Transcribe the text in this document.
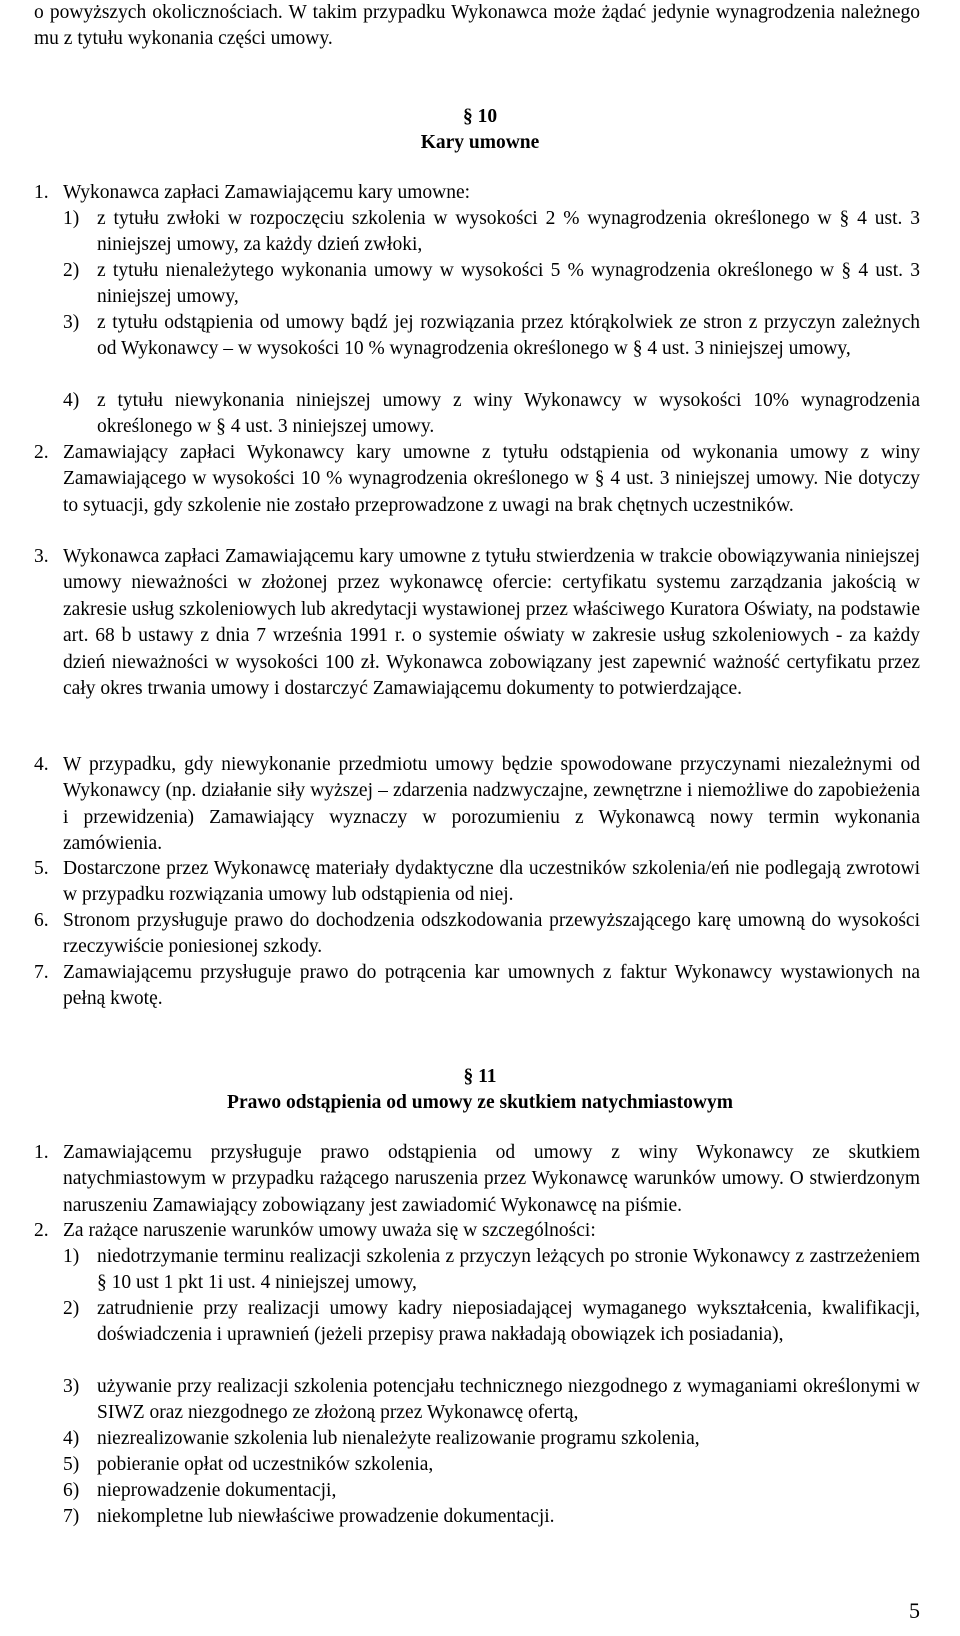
o powyższych okolicznościach. W takim przypadku Wykonawca może żądać jedynie wynagrodzenia należnego mu z tytułu wykonania części umowy.
§ 10
Kary umowne
1. Wykonawca zapłaci Zamawiającemu kary umowne:
1) z tytułu zwłoki w rozpoczęciu szkolenia w wysokości 2 % wynagrodzenia określonego w § 4 ust. 3 niniejszej umowy, za każdy dzień zwłoki,
2) z tytułu nienależytego wykonania umowy w wysokości 5 % wynagrodzenia określonego w § 4 ust. 3 niniejszej umowy,
3) z tytułu odstąpienia od umowy bądź jej rozwiązania przez którąkolwiek ze stron z przyczyn zależnych od Wykonawcy – w wysokości 10 % wynagrodzenia określonego w § 4 ust. 3 niniejszej umowy,
4) z tytułu niewykonania niniejszej umowy z winy Wykonawcy w wysokości 10% wynagrodzenia określonego w § 4 ust. 3 niniejszej umowy.
2. Zamawiający zapłaci Wykonawcy kary umowne z tytułu odstąpienia od wykonania umowy z winy Zamawiającego w wysokości 10 % wynagrodzenia określonego w § 4 ust. 3 niniejszej umowy. Nie dotyczy to sytuacji, gdy szkolenie nie zostało przeprowadzone z uwagi na brak chętnych uczestników.
3. Wykonawca zapłaci Zamawiającemu kary umowne z tytułu stwierdzenia w trakcie obowiązywania niniejszej umowy nieważności w złożonej przez wykonawcę ofercie: certyfikatu systemu zarządzania jakością w zakresie usług szkoleniowych lub akredytacji wystawionej przez właściwego Kuratora Oświaty, na podstawie art. 68 b ustawy z dnia 7 września 1991 r. o systemie oświaty w zakresie usług szkoleniowych - za każdy dzień nieważności w wysokości 100 zł. Wykonawca zobowiązany jest zapewnić ważność certyfikatu przez cały okres trwania umowy i dostarczyć Zamawiającemu dokumenty to potwierdzające.
4. W przypadku, gdy niewykonanie przedmiotu umowy będzie spowodowane przyczynami niezależnymi od Wykonawcy (np. działanie siły wyższej – zdarzenia nadzwyczajne, zewnętrzne i niemożliwe do zapobieżenia i przewidzenia) Zamawiający wyznaczy w porozumieniu z Wykonawcą nowy termin wykonania zamówienia.
5. Dostarczone przez Wykonawcę materiały dydaktyczne dla uczestników szkolenia/eń nie podlegają zwrotowi w przypadku rozwiązania umowy lub odstąpienia od niej.
6. Stronom przysługuje prawo do dochodzenia odszkodowania przewyższającego karę umowną do wysokości rzeczywiście poniesionej szkody.
7. Zamawiającemu przysługuje prawo do potrącenia kar umownych z faktur Wykonawcy wystawionych na pełną kwotę.
§ 11
Prawo odstąpienia od umowy ze skutkiem natychmiastowym
1. Zamawiającemu przysługuje prawo odstąpienia od umowy z winy Wykonawcy ze skutkiem natychmiastowym w przypadku rażącego naruszenia przez Wykonawcę warunków umowy. O stwierdzonym naruszeniu Zamawiający zobowiązany jest zawiadomić Wykonawcę na piśmie.
2. Za rażące naruszenie warunków umowy uważa się w szczególności:
1) niedotrzymanie terminu realizacji szkolenia z przyczyn leżących po stronie Wykonawcy z zastrzeżeniem § 10 ust 1 pkt 1i ust. 4 niniejszej umowy,
2) zatrudnienie przy realizacji umowy kadry nieposiadającej wymaganego wykształcenia, kwalifikacji, doświadczenia i uprawnień (jeżeli przepisy prawa nakładają obowiązek ich posiadania),
3) używanie przy realizacji szkolenia potencjału technicznego niezgodnego z wymaganiami określonymi w SIWZ oraz niezgodnego ze złożoną przez Wykonawcę ofertą,
4) niezrealizowanie szkolenia lub nienależyte realizowanie programu szkolenia,
5) pobieranie opłat od uczestników szkolenia,
6) nieprowadzenie dokumentacji,
7) niekompletne lub niewłaściwe prowadzenie dokumentacji.
5
